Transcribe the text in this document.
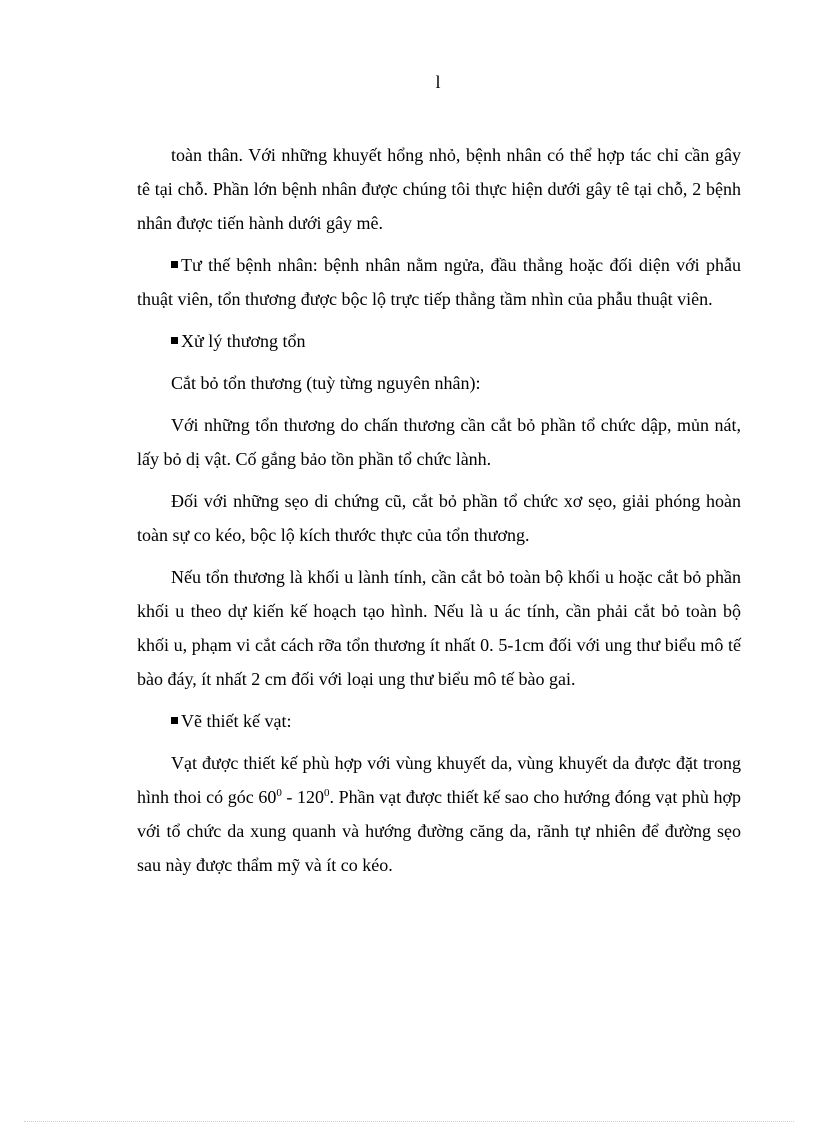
l

toàn thân. Với những khuyết hổng nhỏ, bệnh nhân có thể hợp tác chỉ cần gây tê tại chỗ. Phần lớn bệnh nhân được chúng tôi thực hiện dưới gây tê tại chỗ, 2 bệnh nhân được tiến hành dưới gây mê.

Tư thế bệnh nhân: bệnh nhân nằm ngửa, đầu thẳng hoặc đối diện với phẫu thuật viên, tổn thương được bộc lộ trực tiếp thẳng tầm nhìn của phẫu thuật viên.

Xử lý thương tổn

Cắt bỏ tổn thương (tuỳ từng nguyên nhân):

Với những tổn thương do chấn thương cần cắt bỏ phần tổ chức dập, mủn nát, lấy bỏ dị vật. Cố gắng bảo tồn phần tổ chức lành.

Đối với những sẹo di chứng cũ, cắt bỏ phần tổ chức xơ sẹo, giải phóng hoàn toàn sự co kéo, bộc lộ kích thước thực của tổn thương.

Nếu tổn thương là khối u lành tính, cần cắt bỏ toàn bộ khối u hoặc cắt bỏ phần khối u theo dự kiến kế hoạch tạo hình. Nếu là u ác tính, cần phải cắt bỏ toàn bộ khối u, phạm vi cắt cách rỡa tổn thương ít nhất 0. 5-1cm đối với ung thư biểu mô tế bào đáy, ít nhất 2 cm đối với loại ung thư biểu mô tế bào gai.

Vẽ thiết kế vạt:

Vạt được thiết kế phù hợp với vùng khuyết da, vùng khuyết da được đặt trong hình thoi có góc $60^0 - 120^0$. Phần vạt được thiết kế sao cho hướng đóng vạt phù hợp với tổ chức da xung quanh và hướng đường căng da, rãnh tự nhiên để đường sẹo sau này được thẩm mỹ và ít co kéo.
